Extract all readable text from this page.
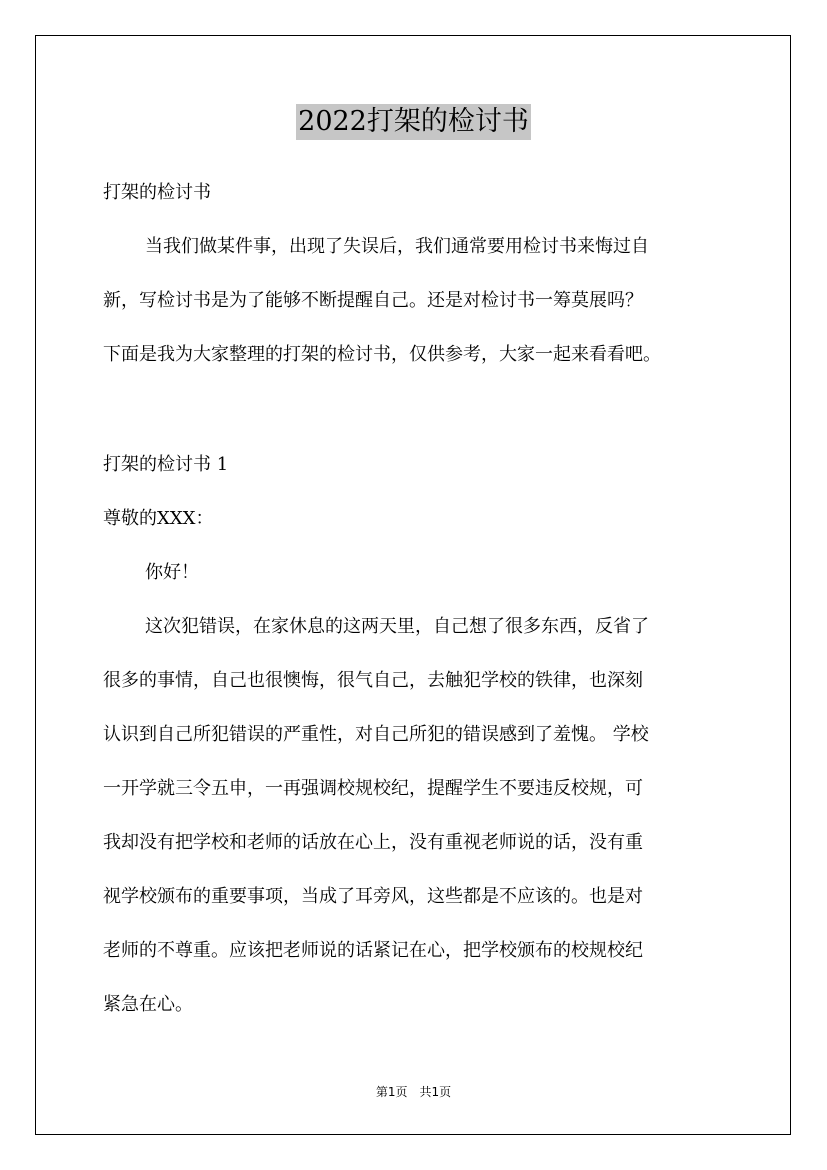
2022打架的检讨书
打架的检讨书
当我们做某件事，出现了失误后，我们通常要用检讨书来悔过自
新，写检讨书是为了能够不断提醒自己。还是对检讨书一筹莫展吗？
下面是我为大家整理的打架的检讨书，仅供参考，大家一起来看看吧。
打架的检讨书 1
尊敬的XXX：
你好！
这次犯错误，在家休息的这两天里，自己想了很多东西，反省了
很多的事情，自己也很懊悔，很气自己，去触犯学校的铁律，也深刻
认识到自己所犯错误的严重性，对自己所犯的错误感到了羞愧。 学校
一开学就三令五申，一再强调校规校纪，提醒学生不要违反校规，可
我却没有把学校和老师的话放在心上，没有重视老师说的话，没有重
视学校颁布的重要事项，当成了耳旁风，这些都是不应该的。也是对
老师的不尊重。应该把老师说的话紧记在心，把学校颁布的校规校纪
紧急在心。
第1页　共1页
